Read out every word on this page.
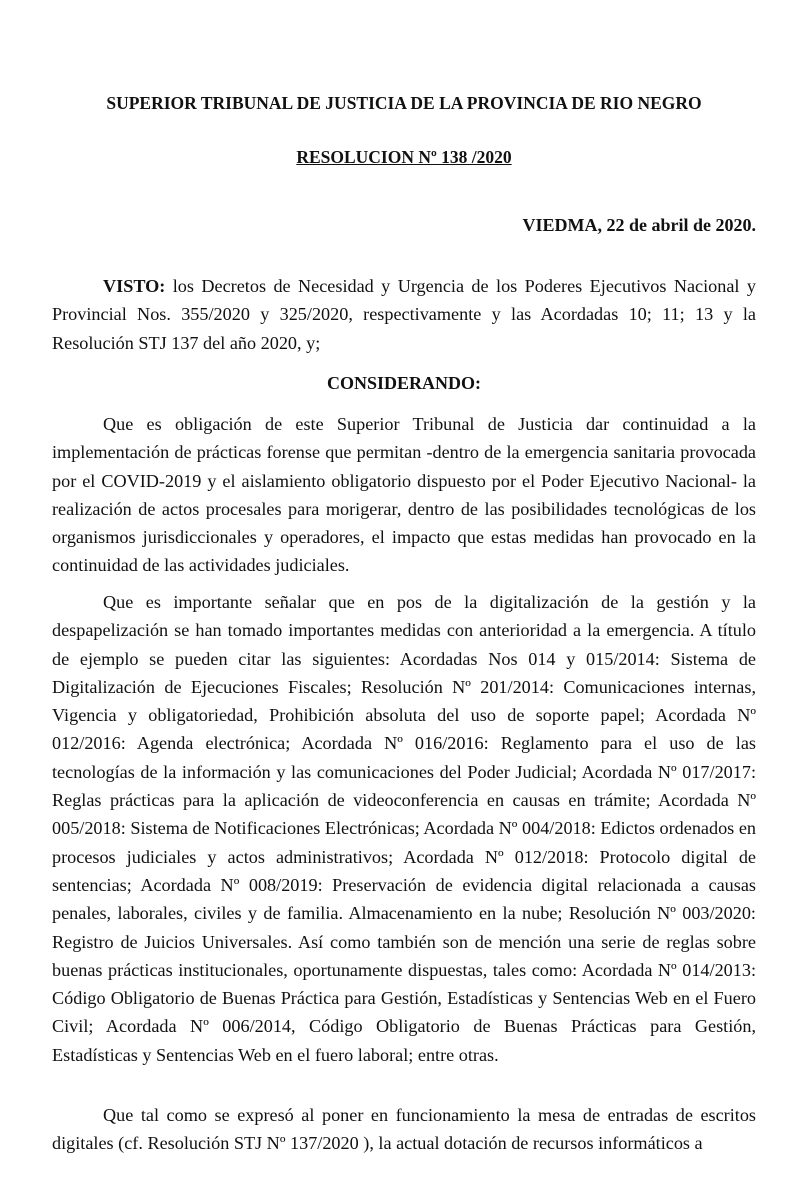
SUPERIOR TRIBUNAL DE JUSTICIA DE LA PROVINCIA DE RIO NEGRO
RESOLUCION Nº 138 /2020
VIEDMA, 22 de abril de 2020.

VISTO: los Decretos de Necesidad y Urgencia de los Poderes Ejecutivos Nacional y Provincial Nos. 355/2020 y 325/2020, respectivamente y las Acordadas 10; 11; 13 y la Resolución STJ 137 del año 2020, y;

CONSIDERANDO:

Que es obligación de este Superior Tribunal de Justicia dar continuidad a la implementación de prácticas forense que permitan -dentro de la emergencia sanitaria provocada por el COVID-2019 y el aislamiento obligatorio dispuesto por el Poder Ejecutivo Nacional- la realización de actos procesales para morigerar, dentro de las posibilidades tecnológicas de los organismos jurisdiccionales y operadores, el impacto que estas medidas han provocado en la continuidad de las actividades judiciales.

Que es importante señalar que en pos de la digitalización de la gestión y la despapelización se han tomado importantes medidas con anterioridad a la emergencia. A título de ejemplo se pueden citar las siguientes: Acordadas Nos 014 y 015/2014: Sistema de Digitalización de Ejecuciones Fiscales; Resolución Nº 201/2014: Comunicaciones internas, Vigencia y obligatoriedad, Prohibición absoluta del uso de soporte papel; Acordada Nº 012/2016: Agenda electrónica; Acordada Nº 016/2016: Reglamento para el uso de las tecnologías de la información y las comunicaciones del Poder Judicial; Acordada Nº 017/2017: Reglas prácticas para la aplicación de videoconferencia en causas en trámite; Acordada Nº 005/2018: Sistema de Notificaciones Electrónicas; Acordada Nº 004/2018: Edictos ordenados en procesos judiciales y actos administrativos; Acordada Nº 012/2018: Protocolo digital de sentencias; Acordada Nº 008/2019: Preservación de evidencia digital relacionada a causas penales, laborales, civiles y de familia. Almacenamiento en la nube; Resolución Nº 003/2020: Registro de Juicios Universales. Así como también son de mención una serie de reglas sobre buenas prácticas institucionales, oportunamente dispuestas, tales como: Acordada Nº 014/2013: Código Obligatorio de Buenas Práctica para Gestión, Estadísticas y Sentencias Web en el Fuero Civil; Acordada Nº 006/2014, Código Obligatorio de Buenas Prácticas para Gestión, Estadísticas y Sentencias Web en el fuero laboral; entre otras.

Que tal como se expresó al poner en funcionamiento la mesa de entradas de escritos digitales (cf. Resolución STJ Nº 137/2020 ), la actual dotación de recursos informáticos a
